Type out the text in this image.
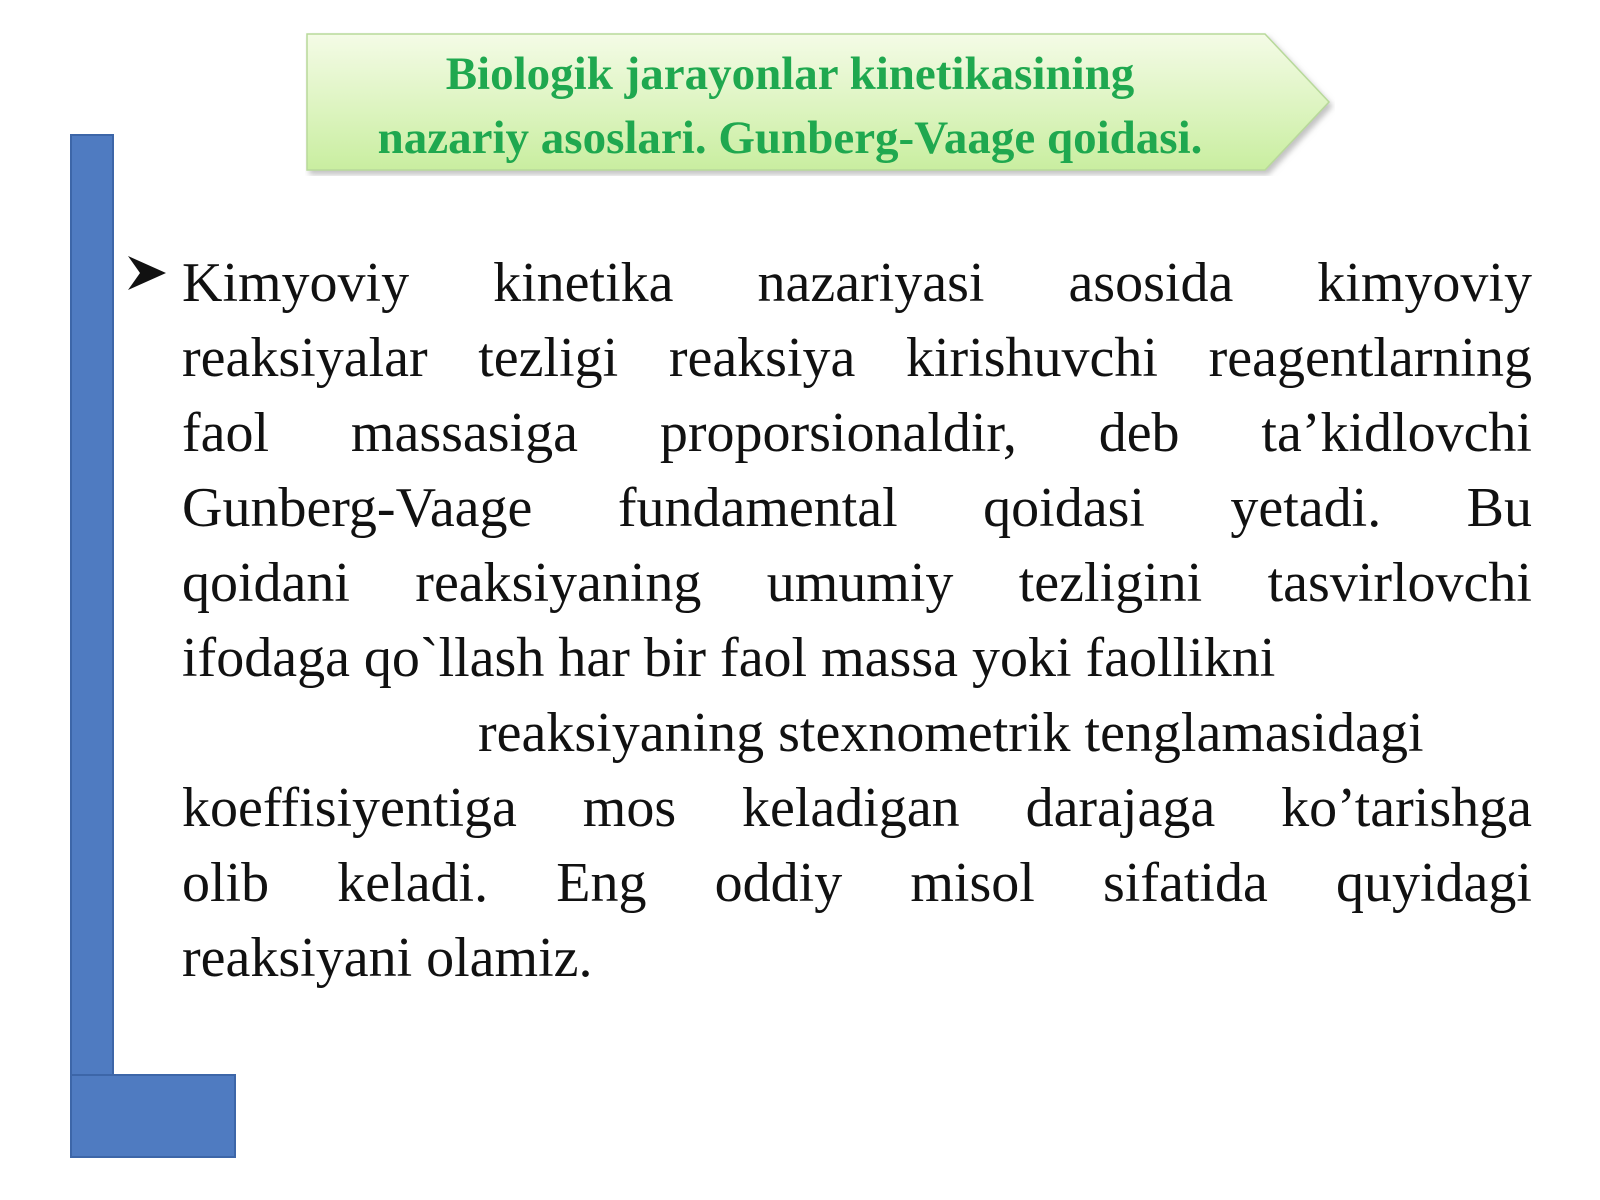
Biologik jarayonlar kinetikasining
nazariy asoslari. Gunberg-Vaage qoidasi.
Kimyoviy kinetika nazariyasi asosida kimyoviy
reaksiyalar tezligi reaksiya kirishuvchi reagentlarning
faol massasiga proporsionaldir, deb ta’kidlovchi
Gunberg-Vaage fundamental qoidasi yetadi. Bu
qoidani reaksiyaning umumiy tezligini tasvirlovchi
ifodaga qo`llash har bir faol massa yoki faollikni
reaksiyaning stexnometrik tenglamasidagi
koeffisiyentiga mos keladigan darajaga ko’tarishga
olib keladi. Eng oddiy misol sifatida quyidagi
reaksiyani olamiz.
